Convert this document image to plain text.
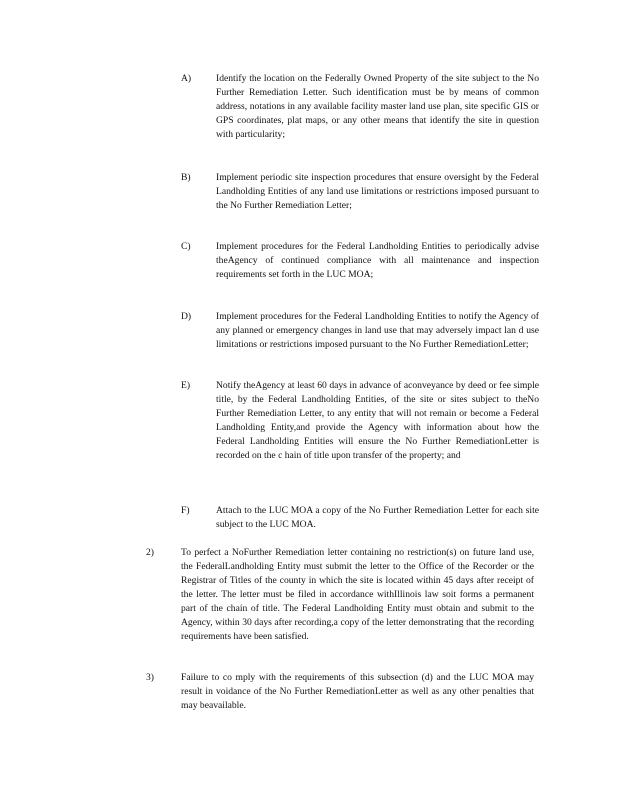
A)	Identify the location on the Federally Owned Property of the site subject to the No Further Remediation Letter. Such identification must be by means of common address, notations in any available facility master land use plan, site specific GIS or GPS coordinates, plat maps, or any other means that identify the site in question with particularity;
B)	Implement periodic site inspection procedures that ensure oversight by the Federal Landholding Entities of any land use limitations or restrictions imposed pursuant to the No Further Remediation Letter;
C)	Implement procedures for the Federal Landholding Entities to periodically advise theAgency of continued compliance with all maintenance and inspection requirements set forth in the LUC MOA;
D)	Implement procedures for the Federal Landholding Entities to notify the Agency of any planned or emergency changes in land use that may adversely impact lan d use limitations or restrictions imposed pursuant to the No Further RemediationLetter;
E)	Notify theAgency at least 60 days in advance of aconveyance by deed or fee simple title, by the Federal Landholding Entities, of the site or sites subject to theNo Further Remediation Letter, to any entity that will not remain or become a Federal Landholding Entity,and provide the Agency with information about how the Federal Landholding Entities will ensure the No Further RemediationLetter is recorded on the c hain of title upon transfer of the property; and
F)	Attach to the LUC MOA a copy of the No Further Remediation Letter for each site subject to the LUC MOA.
2)	To perfect a NoFurther Remediation letter containing no restriction(s) on future land use, the FederalLandholding Entity must submit the letter to the Office of the Recorder or the Registrar of Titles of the county in which the site is located within 45 days after receipt of the letter. The letter must be filed in accordance withIllinois law soit forms a permanent part of the chain of title. The Federal Landholding Entity must obtain and submit to the Agency, within 30 days after recording,a copy of the letter demonstrating that the recording requirements have been satisfied.
3)	Failure to co mply with the requirements of this subsection (d) and the LUC MOA may result in voidance of the No Further RemediationLetter as well as any other penalties that may beavailable.
